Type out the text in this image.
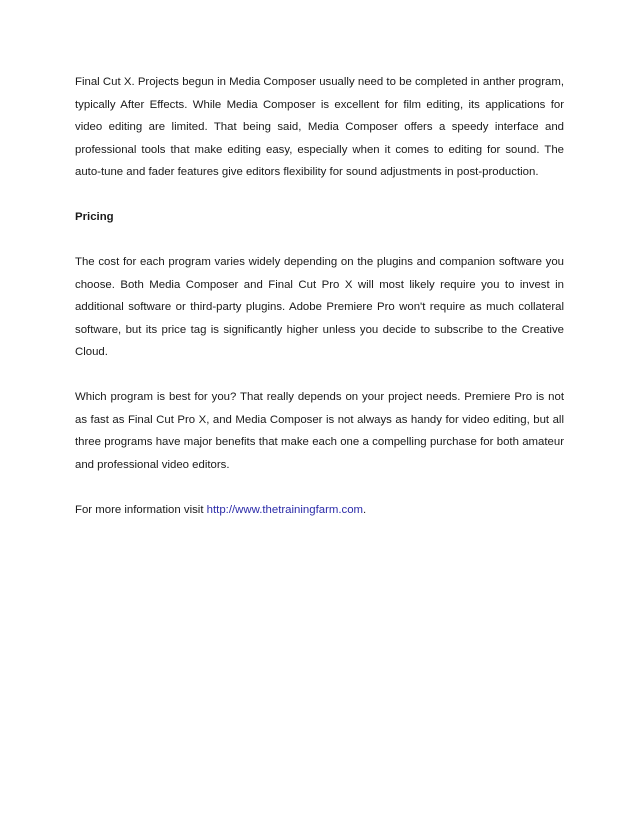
Final Cut X. Projects begun in Media Composer usually need to be completed in anther program, typically After Effects. While Media Composer is excellent for film editing, its applications for video editing are limited. That being said, Media Composer offers a speedy interface and professional tools that make editing easy, especially when it comes to editing for sound. The auto-tune and fader features give editors flexibility for sound adjustments in post-production.

Pricing

The cost for each program varies widely depending on the plugins and companion software you choose. Both Media Composer and Final Cut Pro X will most likely require you to invest in additional software or third-party plugins. Adobe Premiere Pro won't require as much collateral software, but its price tag is significantly higher unless you decide to subscribe to the Creative Cloud.

Which program is best for you? That really depends on your project needs. Premiere Pro is not as fast as Final Cut Pro X, and Media Composer is not always as handy for video editing, but all three programs have major benefits that make each one a compelling purchase for both amateur and professional video editors.

For more information visit http://www.thetrainingfarm.com.
